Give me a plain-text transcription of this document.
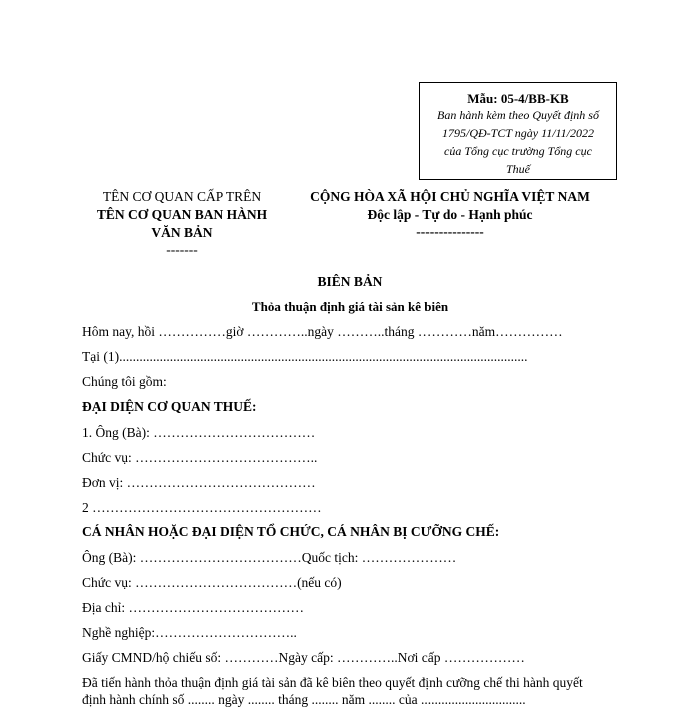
Mẫu: 05-4/BB-KB
Ban hành kèm theo Quyết định số
1795/QĐ-TCT ngày 11/11/2022
của Tổng cục trường Tổng cục
Thuế
TÊN CƠ QUAN CẤP TRÊN
TÊN CƠ QUAN BAN HÀNH
VĂN BẢN
-------
CỘNG HÒA XÃ HỘI CHỦ NGHĨA VIỆT NAM
Độc lập - Tự do - Hạnh phúc
---------------
BIÊN BẢN
Thỏa thuận định giá tài sản kê biên
Hôm nay, hồi ……………giờ …………..ngày ………..tháng …………năm……………
Tại (1).........................................................................................................................
Chúng tôi gồm:
ĐẠI DIỆN CƠ QUAN THUẾ:
1. Ông (Bà): ………………………………
Chức vụ: …………………………………..
Đơn vị: ……………………………………
2 ……………………………………………
CÁ NHÂN HOẶC ĐẠI DIỆN TỔ CHỨC, CÁ NHÂN BỊ CƯỠNG CHẾ:
Ông (Bà): ………………………………Quốc tịch: …………………
Chức vụ: ………………………………(nếu có)
Địa chỉ: …………………………………
Nghề nghiệp:…………………………..
Giấy CMND/hộ chiếu số: …………Ngày cấp: …………..Nơi cấp ………………
Đã tiến hành thỏa thuận định giá tài sản đã kê biên theo quyết định cưỡng chế thi hành quyết
định hành chính số ........ ngày ........ tháng ........ năm ........ của ...............................
